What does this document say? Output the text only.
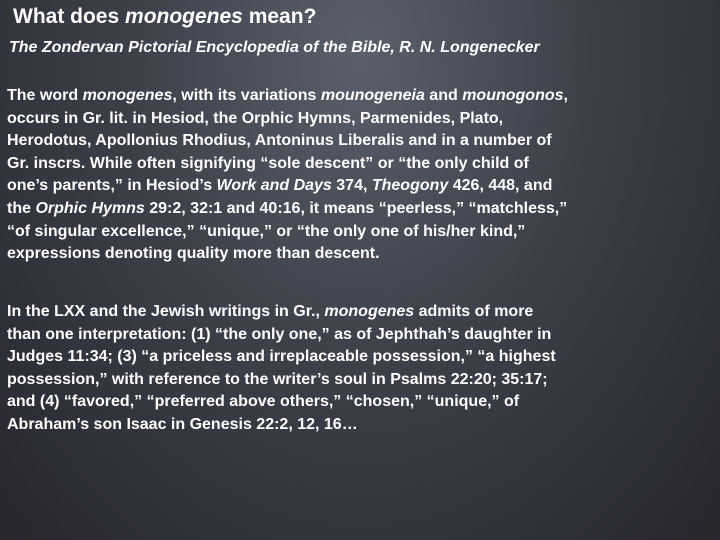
What does monogenes mean?

The Zondervan Pictorial Encyclopedia of the Bible, R. N. Longenecker

The word monogenes, with its variations mounogeneia and mounogonos,
occurs in Gr. lit. in Hesiod, the Orphic Hymns, Parmenides, Plato,
Herodotus, Apollonius Rhodius, Antoninus Liberalis and in a number of
Gr. inscrs. While often signifying “sole descent” or “the only child of
one’s parents,” in Hesiod’s Work and Days 374, Theogony 426, 448, and
the Orphic Hymns 29:2, 32:1 and 40:16, it means “peerless,” “matchless,”
“of singular excellence,” “unique,” or “the only one of his/her kind,”
expressions denoting quality more than descent.

In the LXX and the Jewish writings in Gr., monogenes admits of more
than one interpretation: (1) “the only one,” as of Jephthah’s daughter in
Judges 11:34; (3) “a priceless and irreplaceable possession,” “a highest
possession,” with reference to the writer’s soul in Psalms 22:20; 35:17;
and (4) “favored,” “preferred above others,” “chosen,” “unique,” of
Abraham’s son Isaac in Genesis 22:2, 12, 16…
